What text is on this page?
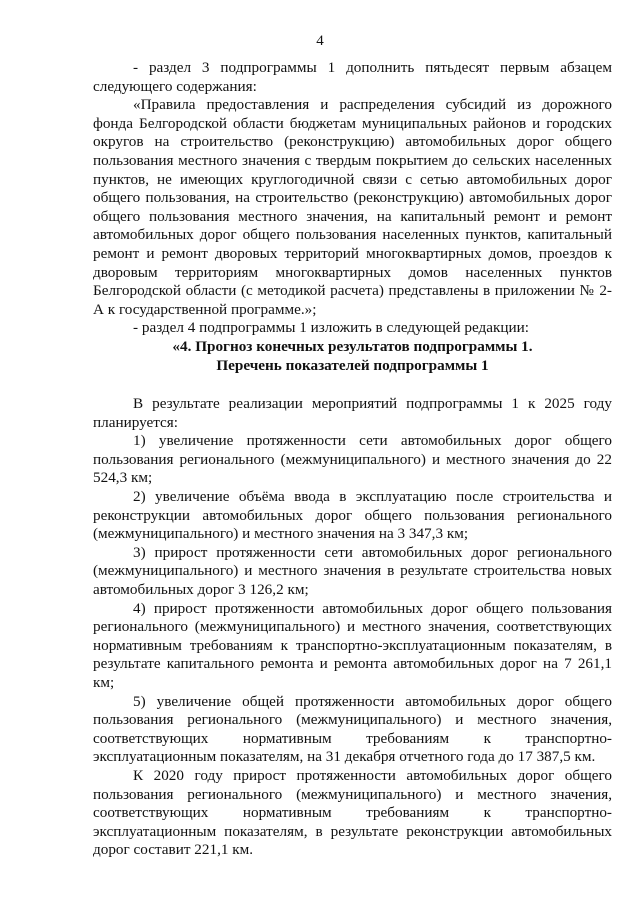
4

- раздел 3 подпрограммы 1 дополнить пятьдесят первым абзацем следующего содержания:

«Правила предоставления и распределения субсидий из дорожного фонда Белгородской области бюджетам муниципальных районов и городских округов на строительство (реконструкцию) автомобильных дорог общего пользования местного значения с твердым покрытием до сельских населенных пунктов, не имеющих круглогодичной связи с сетью автомобильных дорог общего пользования, на строительство (реконструкцию) автомобильных дорог общего пользования местного значения, на капитальный ремонт и ремонт автомобильных дорог общего пользования населенных пунктов, капитальный ремонт и ремонт дворовых территорий многоквартирных домов, проездов к дворовым территориям многоквартирных домов населенных пунктов Белгородской области (с методикой расчета) представлены в приложении № 2-А к государственной программе.»;

- раздел 4 подпрограммы 1 изложить в следующей редакции:

«4. Прогноз конечных результатов подпрограммы 1.

Перечень показателей подпрограммы 1

В результате реализации мероприятий подпрограммы 1 к 2025 году планируется:

1) увеличение протяженности сети автомобильных дорог общего пользования регионального (межмуниципального) и местного значения до 22 524,3 км;

2) увеличение объёма ввода в эксплуатацию после строительства и реконструкции автомобильных дорог общего пользования регионального (межмуниципального) и местного значения на 3 347,3 км;

3) прирост протяженности сети автомобильных дорог регионального (межмуниципального) и местного значения в результате строительства новых автомобильных дорог 3 126,2 км;

4) прирост протяженности автомобильных дорог общего пользования регионального (межмуниципального) и местного значения, соответствующих нормативным требованиям к транспортно-эксплуатационным показателям, в результате капитального ремонта и ремонта автомобильных дорог на 7 261,1 км;

5) увеличение общей протяженности автомобильных дорог общего пользования регионального (межмуниципального) и местного значения, соответствующих нормативным требованиям к транспортно-эксплуатационным показателям, на 31 декабря отчетного года до 17 387,5 км.

К 2020 году прирост протяженности автомобильных дорог общего пользования регионального (межмуниципального) и местного значения, соответствующих нормативным требованиям к транспортно-эксплуатационным показателям, в результате реконструкции автомобильных дорог составит 221,1 км.
